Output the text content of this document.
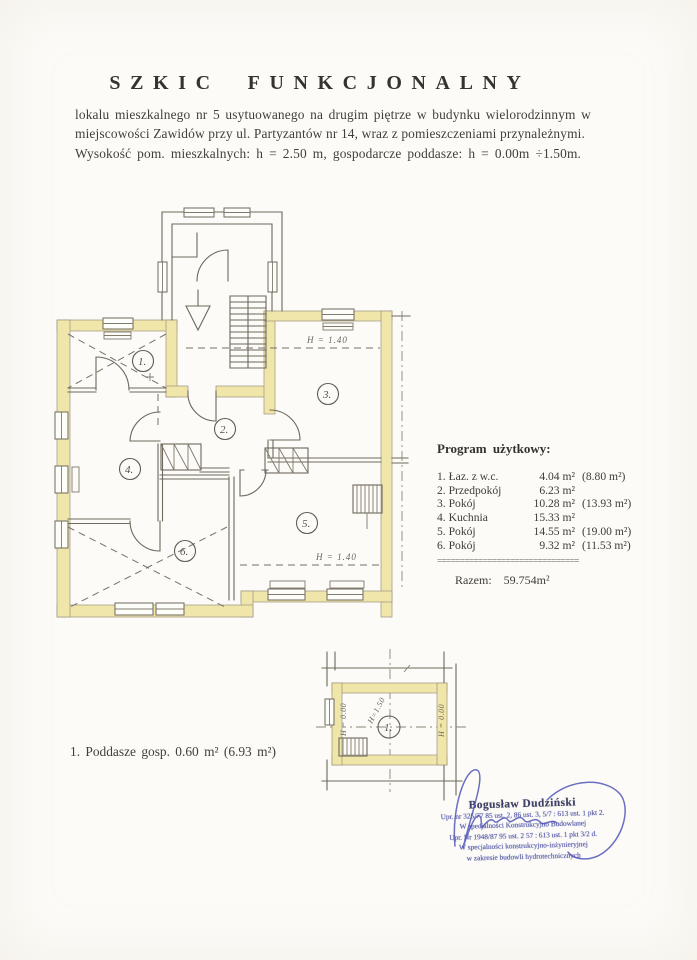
SZKIC FUNKCJONALNY

lokalu mieszkalnego nr 5 usytuowanego na drugim piętrze w budynku wielorodzinnym w miejscowości Zawidów przy ul. Partyzantów nr 14, wraz z pomieszczeniami przynależnymi.

Wysokość pom. mieszkalnych: h = 2.50 m, gospodarcze poddasze: h = 0.00m ÷1.50m.

H = 1.40
H = 1.40
1.
2.
3.
4.
5.
6.
Program użytkowy:
1. Łaz. z w.c.	4.04 m² (8.80 m²)
2. Przedpokój	6.23 m²
3. Pokój	10.28 m² (13.93 m²)
4. Kuchnia	15.33 m²
5. Pokój	14.55 m² (19.00 m²)
6. Pokój	9.32 m² (11.53 m²)
===============================
Razem: 59.754m²
1.
H = 0.00 H=1.50	H = 0.00
1. Poddasze gosp. 0.60 m² (6.93 m²)
Bogusław Dudziński
Upr. nr 325/77 85 ust. 2, 86 ust. 3, 5/7 : 613 ust. 1 pkt 2.
W specjalności Konstrukcyjno Budowlanej
Upr. Nr 1948/87 95 ust. 2 57 : 613 ust. 1 pkt 3/2 d.
W specjalności konstrukcyjno-inżynieryjnej
w zakresie budowli hydrotechnicznych
